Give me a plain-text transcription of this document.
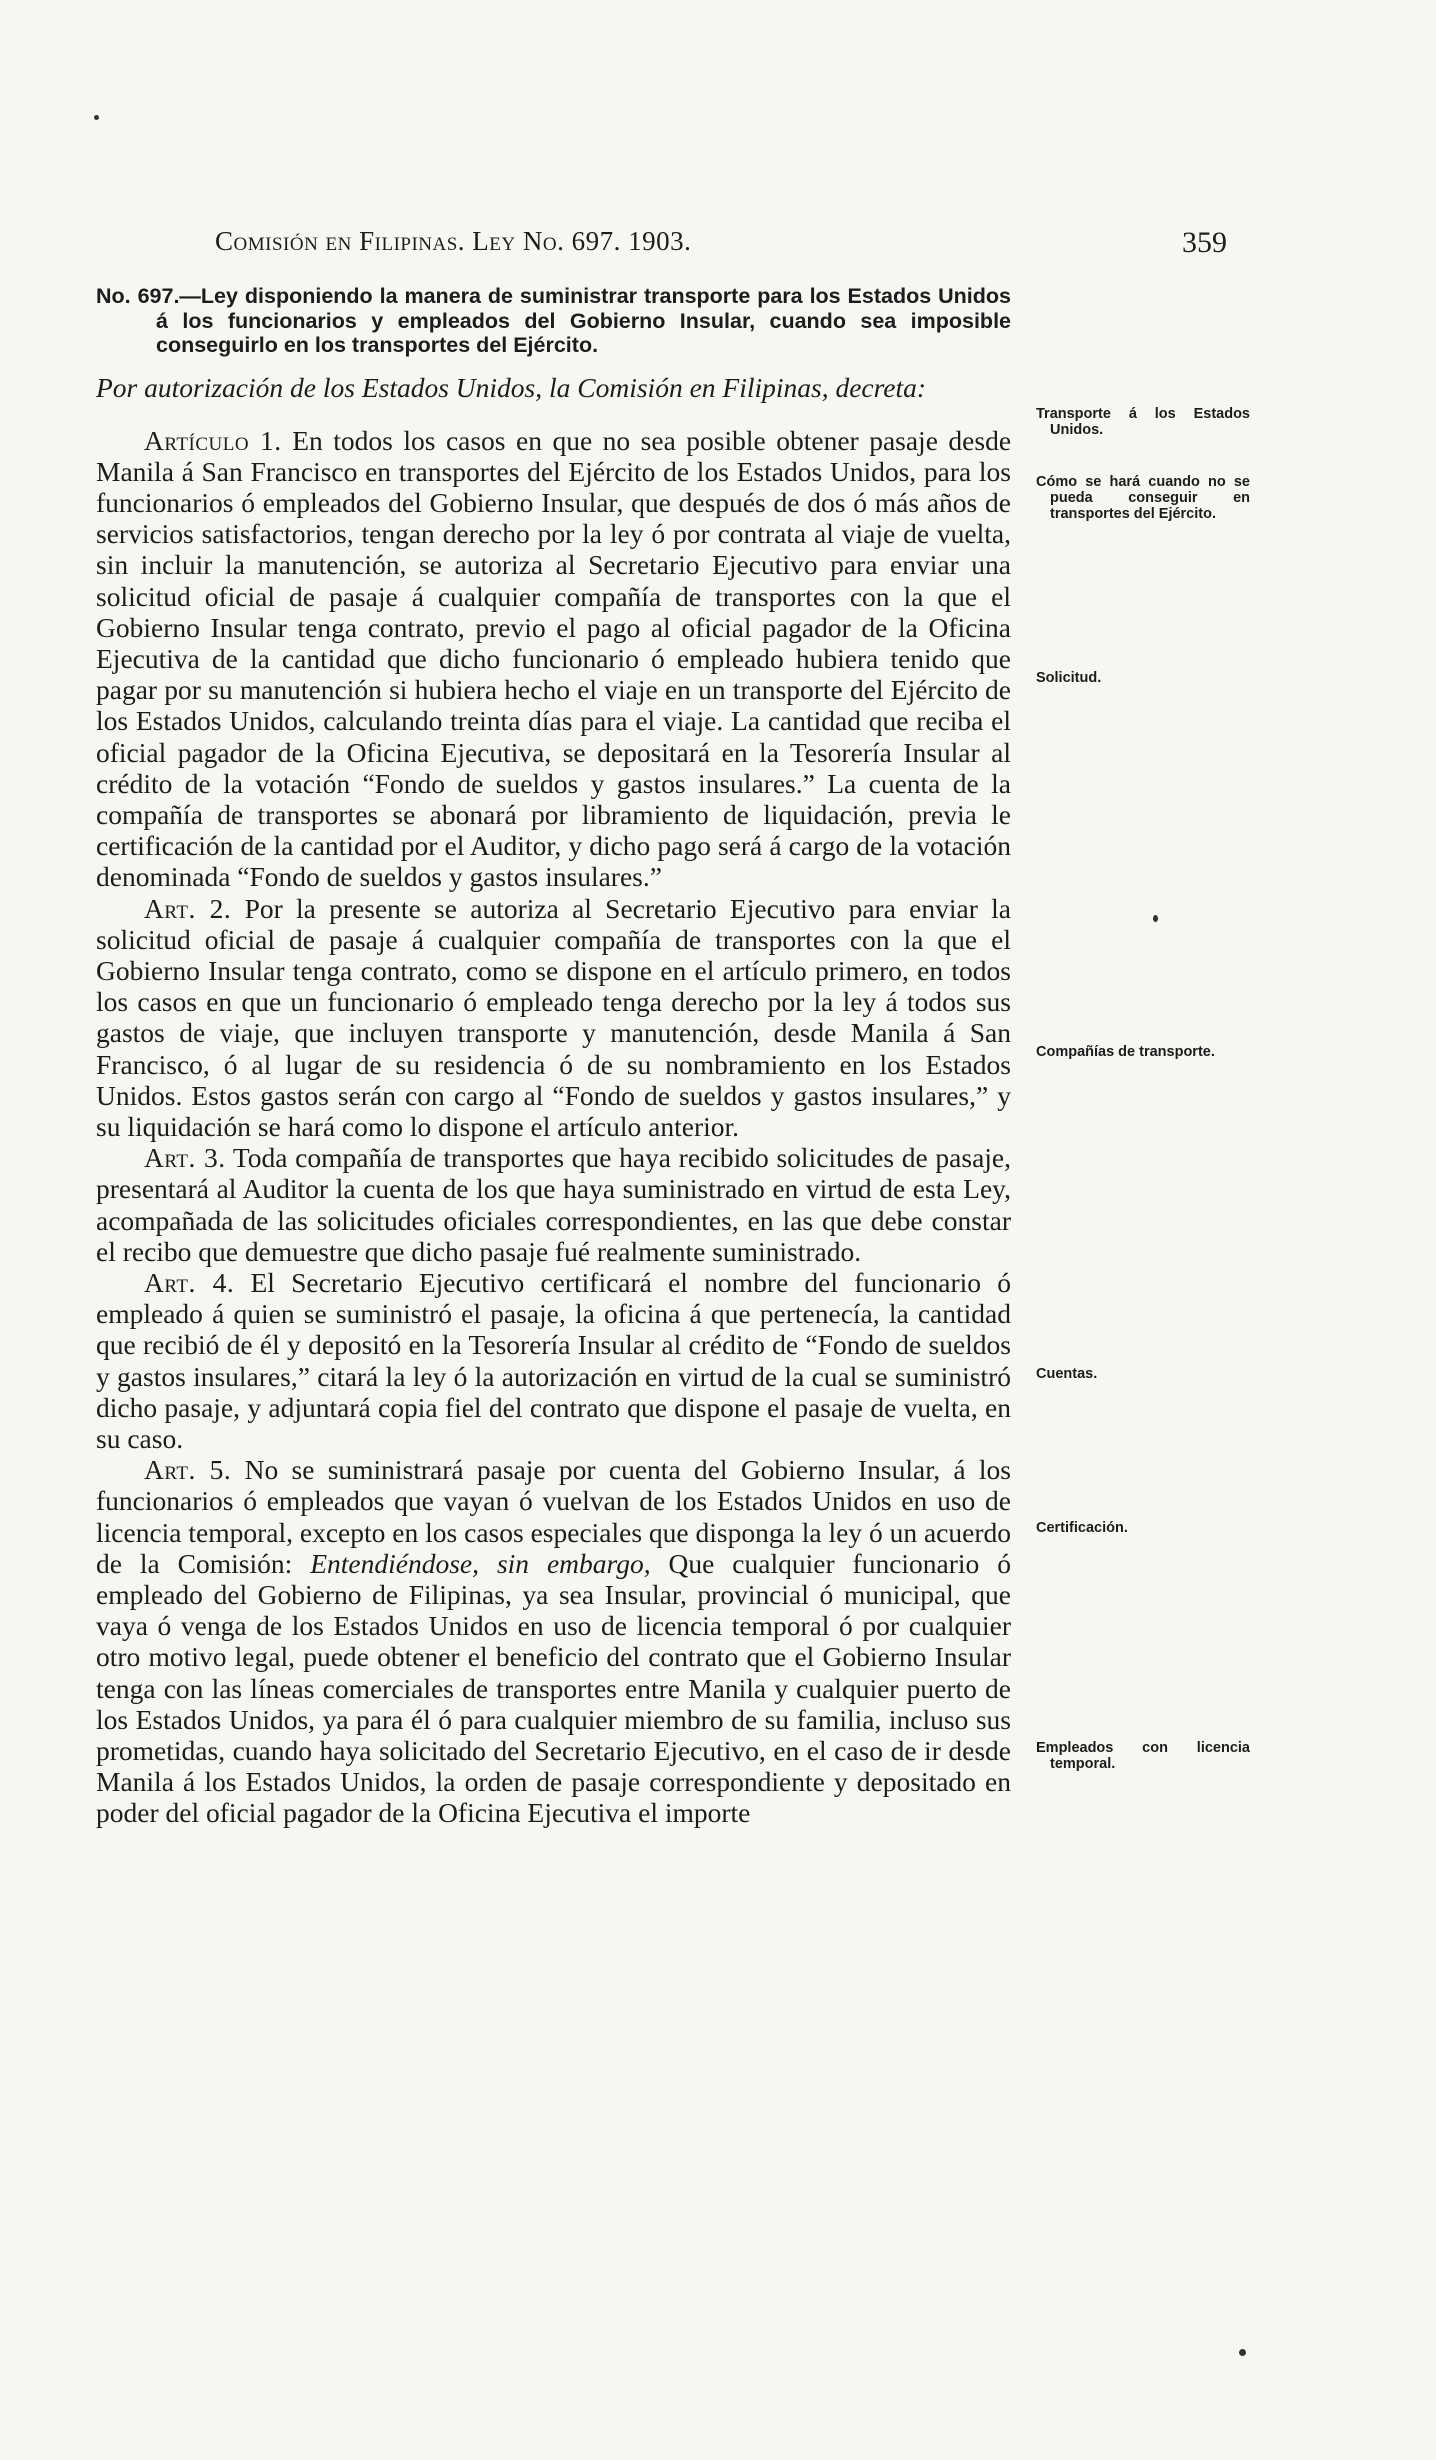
Comisión en Filipinas. Ley No. 697. 1903.	359

No. 697.—Ley disponiendo la manera de suministrar transporte para los Estados Unidos á los funcionarios y empleados del Gobierno Insular, cuando sea imposible conseguirlo en los transportes del Ejército.

Por autorización de los Estados Unidos, la Comisión en Filipinas, decreta:

Artículo 1. En todos los casos en que no sea posible obtener pasaje desde Manila á San Francisco en transportes del Ejército de los Estados Unidos, para los funcionarios ó empleados del Gobierno Insular, que después de dos ó más años de servicios satisfactorios, tengan derecho por la ley ó por contrata al viaje de vuelta, sin incluir la manutención, se autoriza al Secretario Ejecutivo para enviar una solicitud oficial de pasaje á cualquier compañía de transportes con la que el Gobierno Insular tenga contrato, previo el pago al oficial pagador de la Oficina Ejecutiva de la cantidad que dicho funcionario ó empleado hubiera tenido que pagar por su manutención si hubiera hecho el viaje en un transporte del Ejército de los Estados Unidos, calculando treinta días para el viaje. La cantidad que reciba el oficial pagador de la Oficina Ejecutiva, se depositará en la Tesorería Insular al crédito de la votación “Fondo de sueldos y gastos insulares.” La cuenta de la compañía de transportes se abonará por libramiento de liquidación, previa le certificación de la cantidad por el Auditor, y dicho pago será á cargo de la votación denominada “Fondo de sueldos y gastos insulares.”

Art. 2. Por la presente se autoriza al Secretario Ejecutivo para enviar la solicitud oficial de pasaje á cualquier compañía de transportes con la que el Gobierno Insular tenga contrato, como se dispone en el artículo primero, en todos los casos en que un funcionario ó empleado tenga derecho por la ley á todos sus gastos de viaje, que incluyen transporte y manutención, desde Manila á San Francisco, ó al lugar de su residencia ó de su nombramiento en los Estados Unidos. Estos gastos serán con cargo al “Fondo de sueldos y gastos insulares,” y su liquidación se hará como lo dispone el artículo anterior.

Art. 3. Toda compañía de transportes que haya recibido solicitudes de pasaje, presentará al Auditor la cuenta de los que haya suministrado en virtud de esta Ley, acompañada de las solicitudes oficiales correspondientes, en las que debe constar el recibo que demuestre que dicho pasaje fué realmente suministrado.

Art. 4. El Secretario Ejecutivo certificará el nombre del funcionario ó empleado á quien se suministró el pasaje, la oficina á que pertenecía, la cantidad que recibió de él y depositó en la Tesorería Insular al crédito de “Fondo de sueldos y gastos insulares,” citará la ley ó la autorización en virtud de la cual se suministró dicho pasaje, y adjuntará copia fiel del contrato que dispone el pasaje de vuelta, en su caso.

Art. 5. No se suministrará pasaje por cuenta del Gobierno Insular, á los funcionarios ó empleados que vayan ó vuelvan de los Estados Unidos en uso de licencia temporal, excepto en los casos especiales que disponga la ley ó un acuerdo de la Comisión: Entendiéndose, sin embargo, Que cualquier funcionario ó empleado del Gobierno de Filipinas, ya sea Insular, provincial ó municipal, que vaya ó venga de los Estados Unidos en uso de licencia temporal ó por cualquier otro motivo legal, puede obtener el beneficio del contrato que el Gobierno Insular tenga con las líneas comerciales de transportes entre Manila y cualquier puerto de los Estados Unidos, ya para él ó para cualquier miembro de su familia, incluso sus prometidas, cuando haya solicitado del Secretario Ejecutivo, en el caso de ir desde Manila á los Estados Unidos, la orden de pasaje correspondiente y depositado en poder del oficial pagador de la Oficina Ejecutiva el importe

Transporte á los Estados Unidos.
Cómo se hará cuando no se pueda conseguir en transportes del Ejército.
Solicitud.
Compañías de transporte.
Cuentas.
Certificación.
Empleados con licencia temporal.
